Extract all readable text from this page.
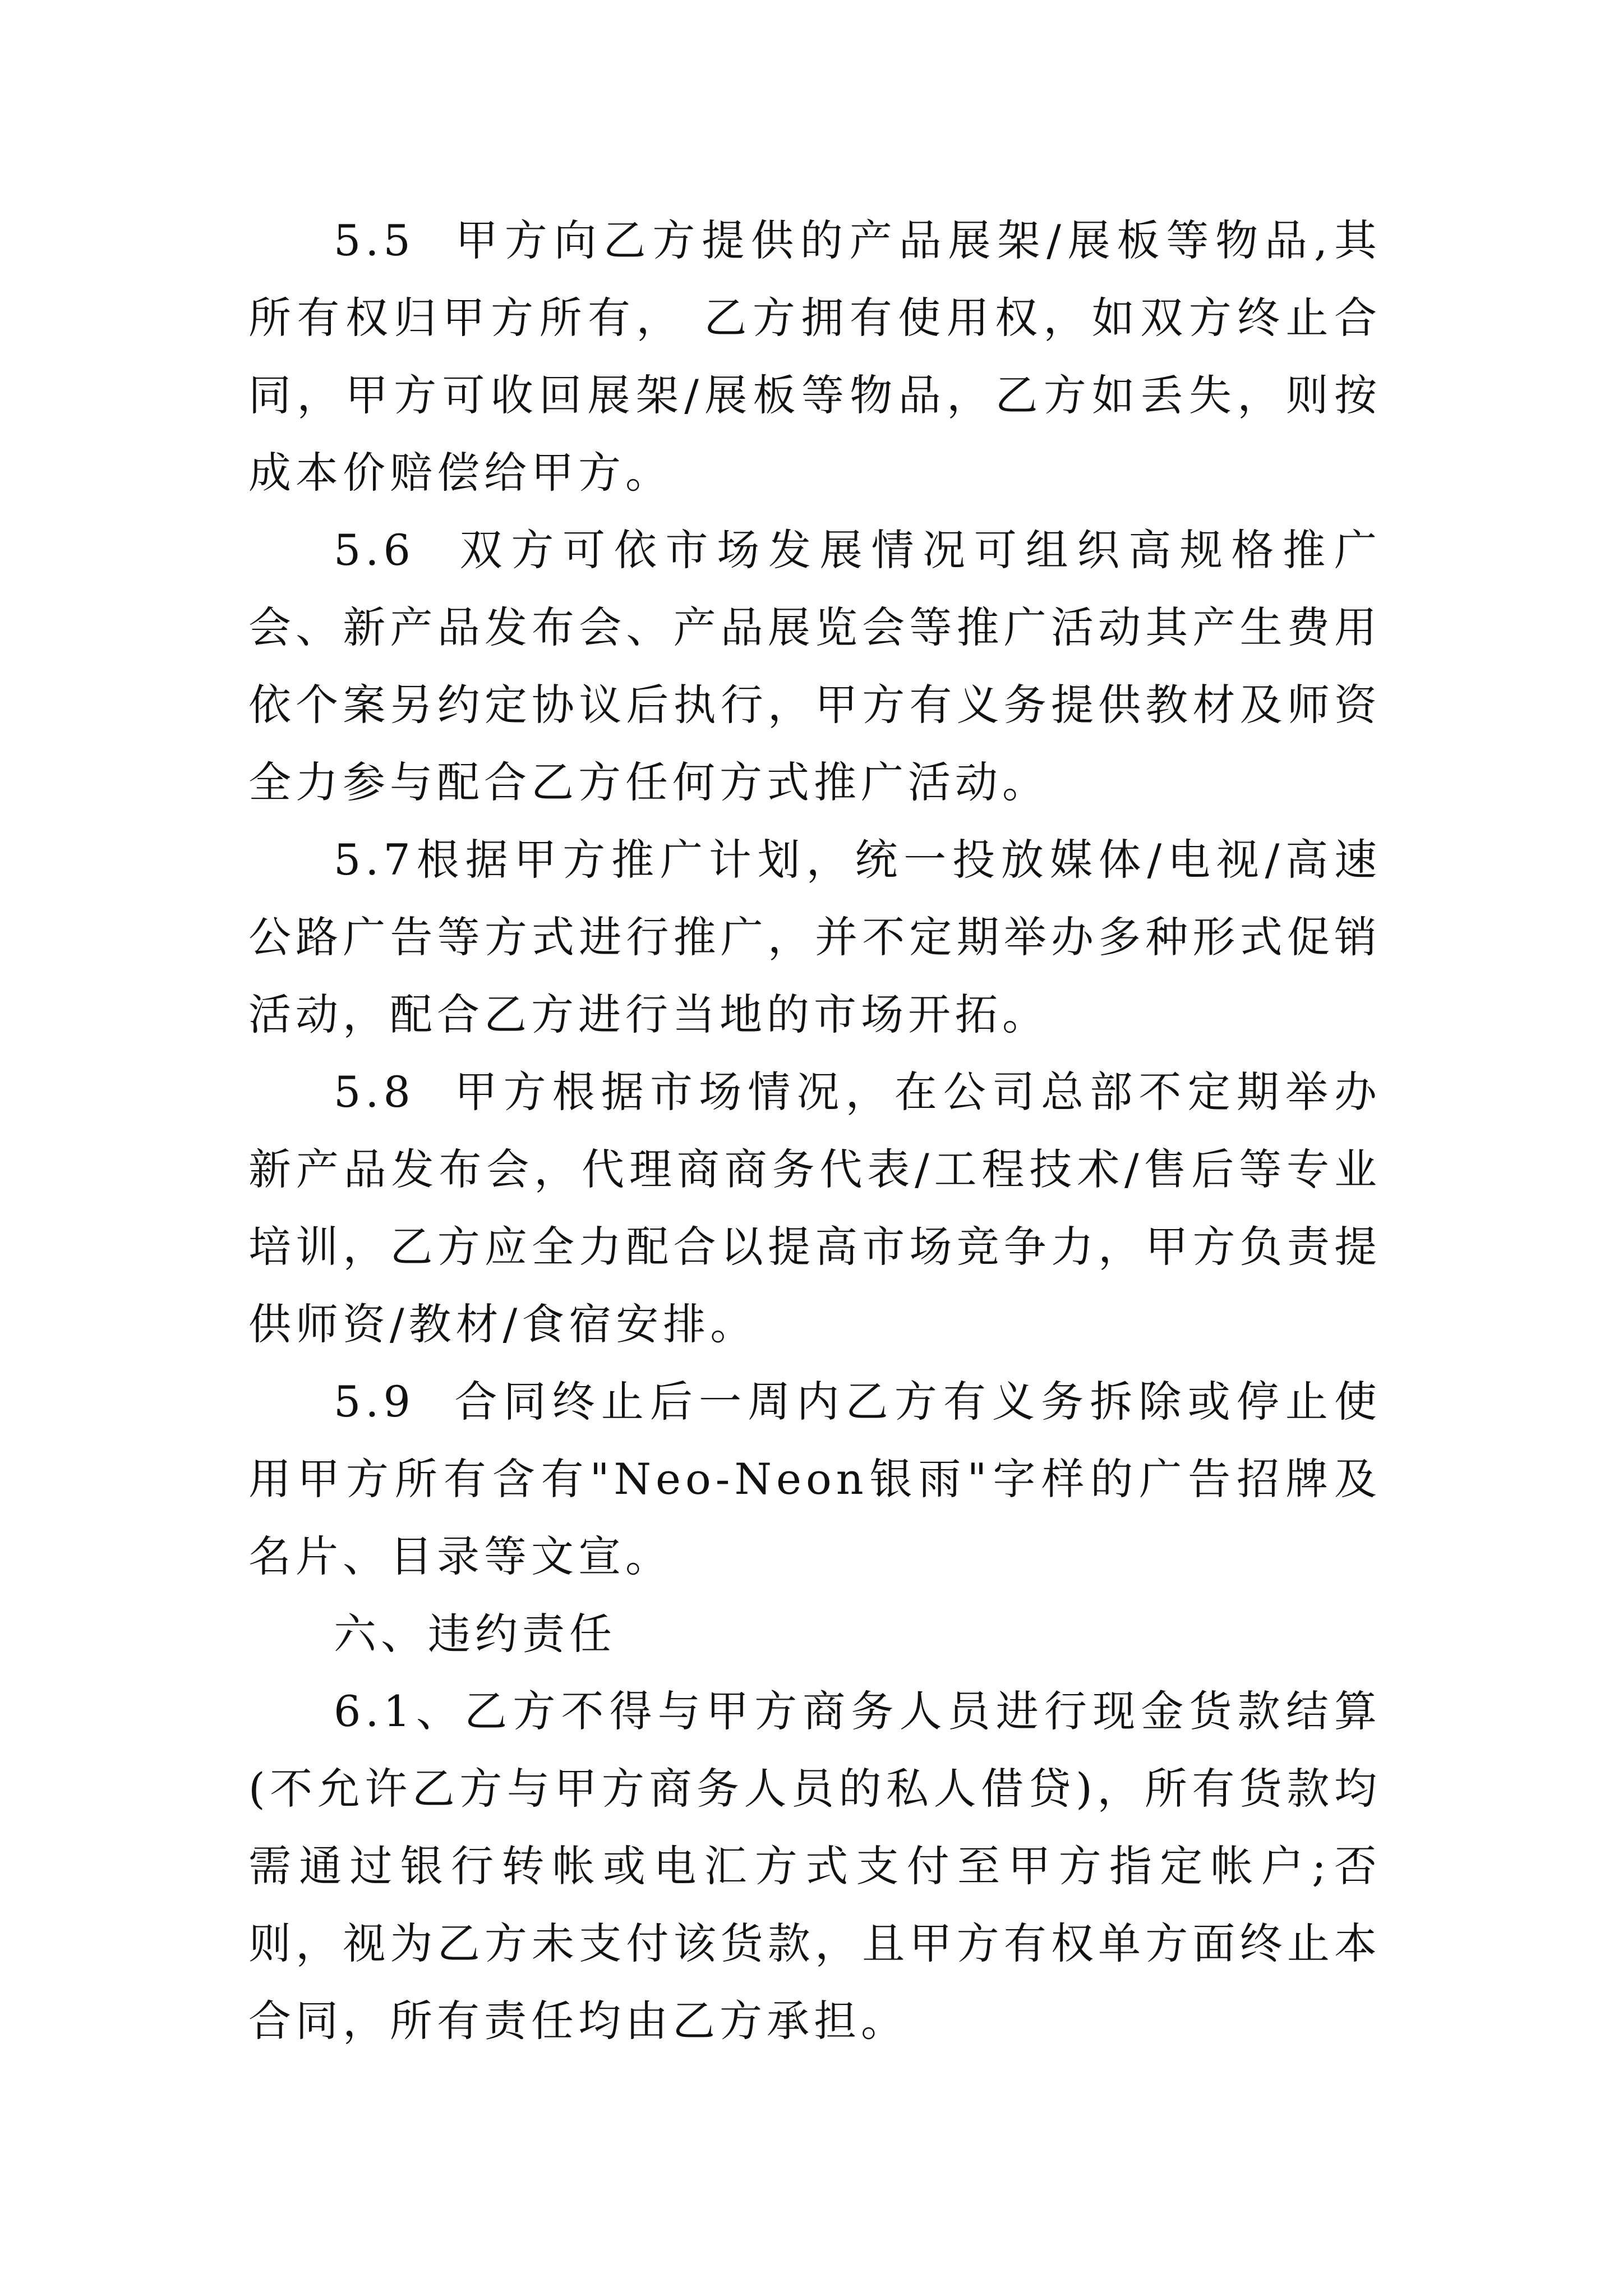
5.5  甲方向乙方提供的产品展架/展板等物品,其所有权归甲方所有， 乙方拥有使用权，如双方终止合同，甲方可收回展架/展板等物品，乙方如丢失，则按成本价赔偿给甲方。

5.6  双方可依市场发展情况可组织高规格推广会、新产品发布会、产品展览会等推广活动其产生费用依个案另约定协议后执行，甲方有义务提供教材及师资全力参与配合乙方任何方式推广活动。

5.7根据甲方推广计划，统一投放媒体/电视/高速公路广告等方式进行推广，并不定期举办多种形式促销活动，配合乙方进行当地的市场开拓。

5.8  甲方根据市场情况，在公司总部不定期举办新产品发布会，代理商商务代表/工程技术/售后等专业培训，乙方应全力配合以提高市场竞争力，甲方负责提供师资/教材/食宿安排。

5.9  合同终止后一周内乙方有义务拆除或停止使用甲方所有含有"Neo-Neon银雨"字样的广告招牌及名片、目录等文宣。

六、违约责任

6.1、乙方不得与甲方商务人员进行现金货款结算(不允许乙方与甲方商务人员的私人借贷)，所有货款均需通过银行转帐或电汇方式支付至甲方指定帐户;否则，视为乙方未支付该货款，且甲方有权单方面终止本合同，所有责任均由乙方承担。
